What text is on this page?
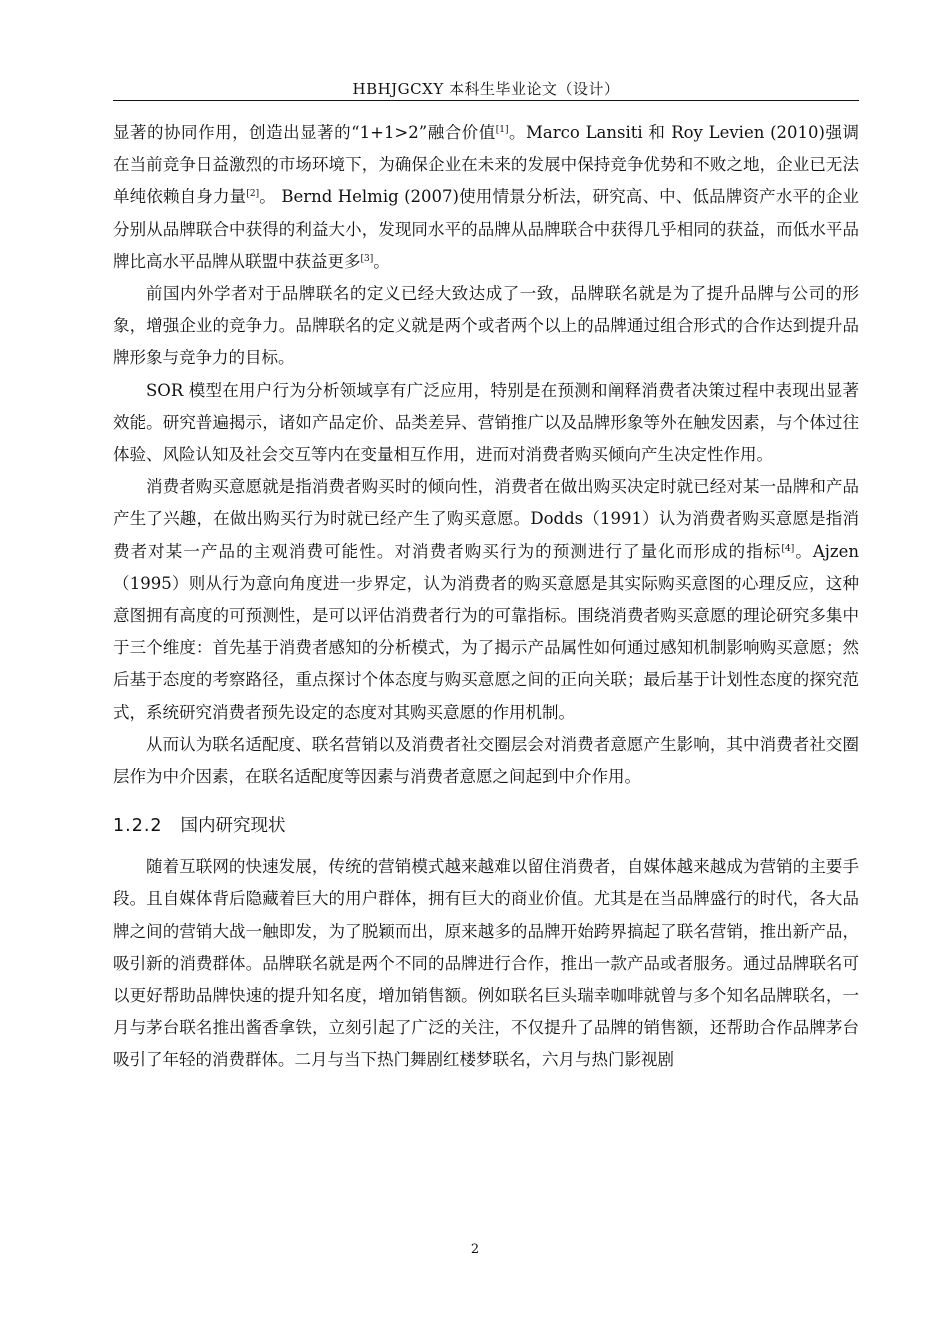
HBHJGCXY 本科生毕业论文（设计）

显著的协同作用，创造出显著的“1+1>2”融合价值[1]。Marco Lansiti 和 Roy Levien (2010)强调在当前竞争日益激烈的市场环境下，为确保企业在未来的发展中保持竞争优势和不败之地，企业已无法单纯依赖自身力量[2]。 Bernd Helmig (2007)使用情景分析法，研究高、中、低品牌资产水平的企业分别从品牌联合中获得的利益大小，发现同水平的品牌从品牌联合中获得几乎相同的获益，而低水平品牌比高水平品牌从联盟中获益更多[3]。

前国内外学者对于品牌联名的定义已经大致达成了一致，品牌联名就是为了提升品牌与公司的形象，增强企业的竞争力。品牌联名的定义就是两个或者两个以上的品牌通过组合形式的合作达到提升品牌形象与竞争力的目标。

SOR 模型在用户行为分析领域享有广泛应用，特别是在预测和阐释消费者决策过程中表现出显著效能。研究普遍揭示，诸如产品定价、品类差异、营销推广以及品牌形象等外在触发因素，与个体过往体验、风险认知及社会交互等内在变量相互作用，进而对消费者购买倾向产生决定性作用。

消费者购买意愿就是指消费者购买时的倾向性，消费者在做出购买决定时就已经对某一品牌和产品产生了兴趣，在做出购买行为时就已经产生了购买意愿。Dodds（1991）认为消费者购买意愿是指消费者对某一产品的主观消费可能性。对消费者购买行为的预测进行了量化而形成的指标[4]。Ajzen（1995）则从行为意向角度进一步界定，认为消费者的购买意愿是其实际购买意图的心理反应，这种意图拥有高度的可预测性，是可以评估消费者行为的可靠指标。围绕消费者购买意愿的理论研究多集中于三个维度：首先基于消费者感知的分析模式，为了揭示产品属性如何通过感知机制影响购买意愿；然后基于态度的考察路径，重点探讨个体态度与购买意愿之间的正向关联；最后基于计划性态度的探究范式，系统研究消费者预先设定的态度对其购买意愿的作用机制。

从而认为联名适配度、联名营销以及消费者社交圈层会对消费者意愿产生影响，其中消费者社交圈层作为中介因素，在联名适配度等因素与消费者意愿之间起到中介作用。

1.2.2 国内研究现状

随着互联网的快速发展，传统的营销模式越来越难以留住消费者，自媒体越来越成为营销的主要手段。且自媒体背后隐藏着巨大的用户群体，拥有巨大的商业价值。尤其是在当品牌盛行的时代，各大品牌之间的营销大战一触即发，为了脱颖而出，原来越多的品牌开始跨界搞起了联名营销，推出新产品，吸引新的消费群体。品牌联名就是两个不同的品牌进行合作，推出一款产品或者服务。通过品牌联名可以更好帮助品牌快速的提升知名度，增加销售额。例如联名巨头瑞幸咖啡就曾与多个知名品牌联名，一月与茅台联名推出酱香拿铁，立刻引起了广泛的关注，不仅提升了品牌的销售额，还帮助合作品牌茅台吸引了年轻的消费群体。二月与当下热门舞剧红楼梦联名，六月与热门影视剧

2
